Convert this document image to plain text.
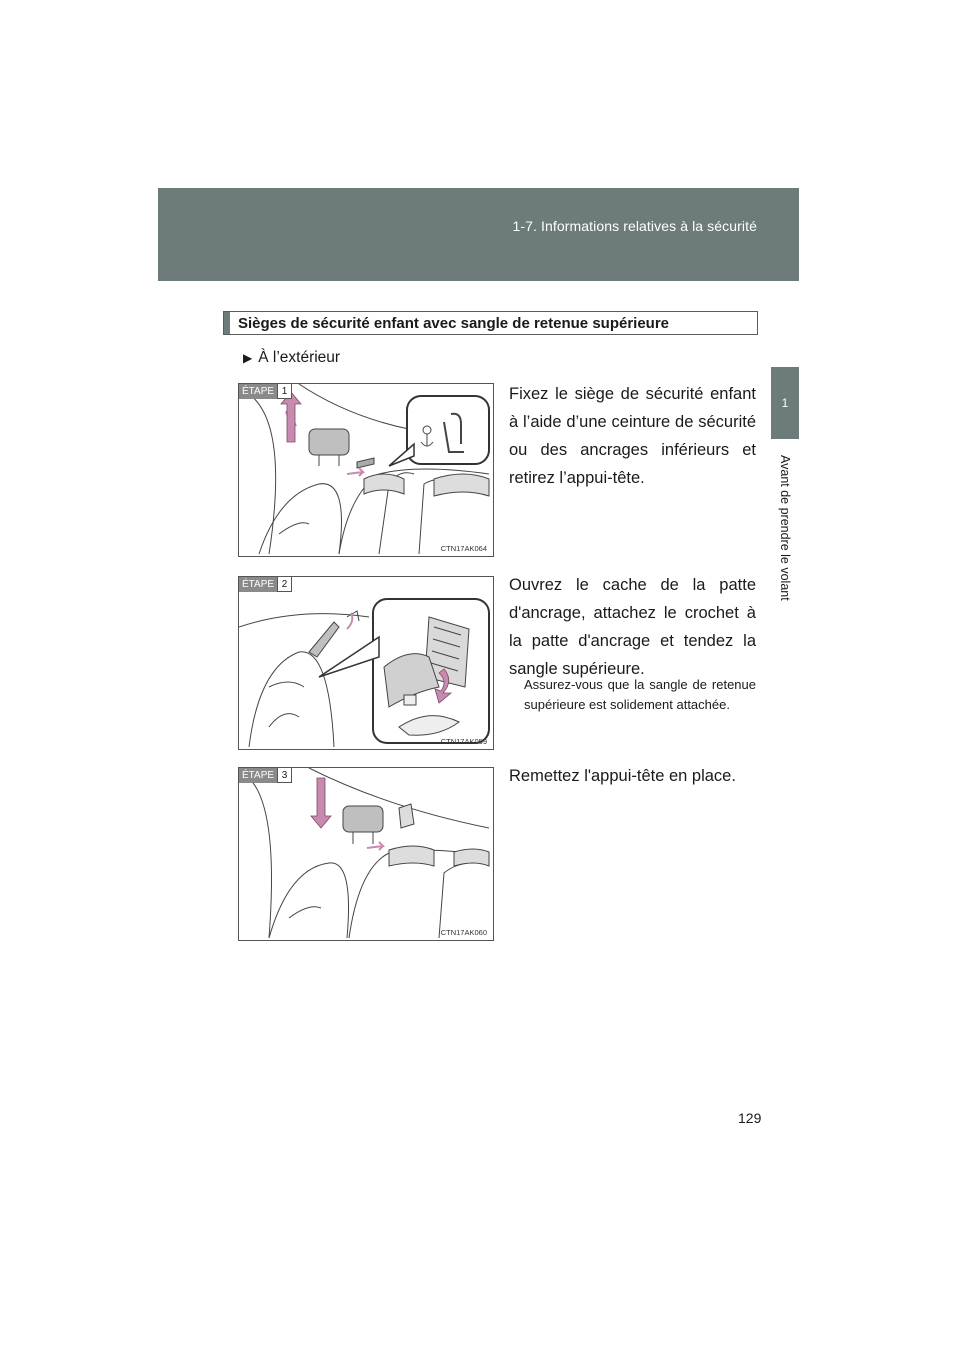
1-7. Informations relatives à la sécurité
1
Avant de prendre le volant
Sièges de sécurité enfant avec sangle de retenue supérieure
▶ À l’extérieur
ÉTAPE 1
CTN17AK064
Fixez le siège de sécurité enfant à l’aide d’une ceinture de sécurité ou des ancrages inférieurs et retirez l’appui-tête.
ÉTAPE 2
CTN17AK059
Ouvrez le cache de la patte d'ancrage, attachez le crochet à la patte d'ancrage et tendez la sangle supérieure.
Assurez-vous que la sangle de retenue supérieure est solidement attachée.
ÉTAPE 3
CTN17AK060
Remettez l'appui-tête en place.
129
